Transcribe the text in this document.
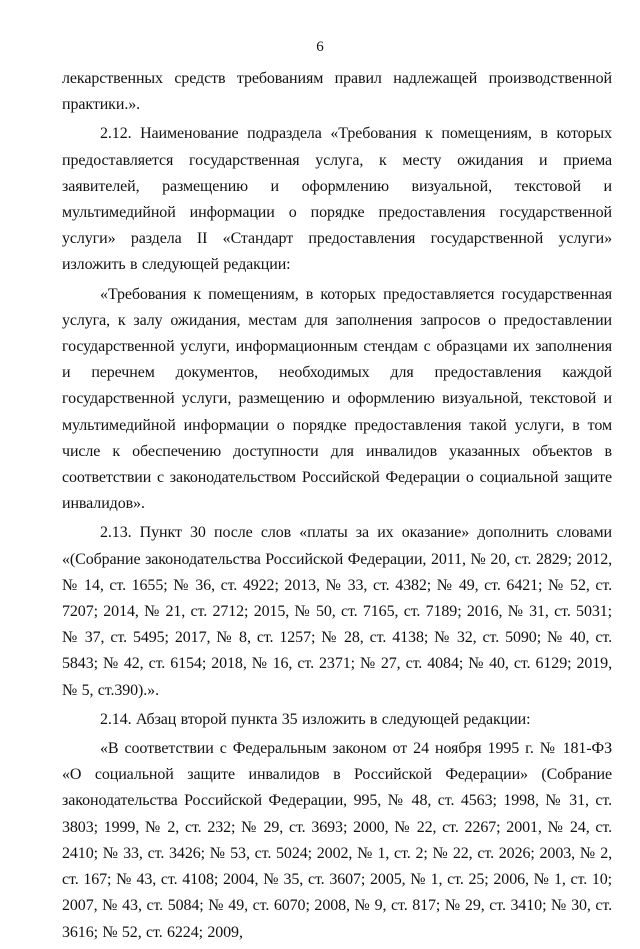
6

лекарственных средств требованиям правил надлежащей производственной практики.».

2.12. Наименование подраздела «Требования к помещениям, в которых предоставляется государственная услуга, к месту ожидания и приема заявителей, размещению и оформлению визуальной, текстовой и мультимедийной информации о порядке предоставления государственной услуги» раздела II «Стандарт предоставления государственной услуги» изложить в следующей редакции:

«Требования к помещениям, в которых предоставляется государственная услуга, к залу ожидания, местам для заполнения запросов о предоставлении государственной услуги, информационным стендам с образцами их заполнения и перечнем документов, необходимых для предоставления каждой государственной услуги, размещению и оформлению визуальной, текстовой и мультимедийной информации о порядке предоставления такой услуги, в том числе к обеспечению доступности для инвалидов указанных объектов в соответствии с законодательством Российской Федерации о социальной защите инвалидов».

2.13. Пункт 30 после слов «платы за их оказание» дополнить словами «(Собрание законодательства Российской Федерации, 2011, № 20, ст. 2829; 2012, № 14, ст. 1655; № 36, ст. 4922; 2013, № 33, ст. 4382; № 49, ст. 6421; № 52, ст. 7207; 2014, № 21, ст. 2712; 2015, № 50, ст. 7165, ст. 7189; 2016, № 31, ст. 5031; № 37, ст. 5495; 2017, № 8, ст. 1257; № 28, ст. 4138; № 32, ст. 5090; № 40, ст. 5843; № 42, ст. 6154; 2018, № 16, ст. 2371; № 27, ст. 4084; № 40, ст. 6129; 2019, № 5, ст.390).».

2.14. Абзац второй пункта 35 изложить в следующей редакции:

«В соответствии с Федеральным законом от 24 ноября 1995 г. № 181-ФЗ «О социальной защите инвалидов в Российской Федерации» (Собрание законодательства Российской Федерации, 995, № 48, ст. 4563; 1998, № 31, ст. 3803; 1999, № 2, ст. 232; № 29, ст. 3693; 2000, № 22, ст. 2267; 2001, № 24, ст. 2410; № 33, ст. 3426; № 53, ст. 5024; 2002, № 1, ст. 2; № 22, ст. 2026; 2003, № 2, ст. 167; № 43, ст. 4108; 2004, № 35, ст. 3607; 2005, № 1, ст. 25; 2006, № 1, ст. 10; 2007, № 43, ст. 5084; № 49, ст. 6070; 2008, № 9, ст. 817; № 29, ст. 3410; № 30, ст. 3616; № 52, ст. 6224; 2009,
